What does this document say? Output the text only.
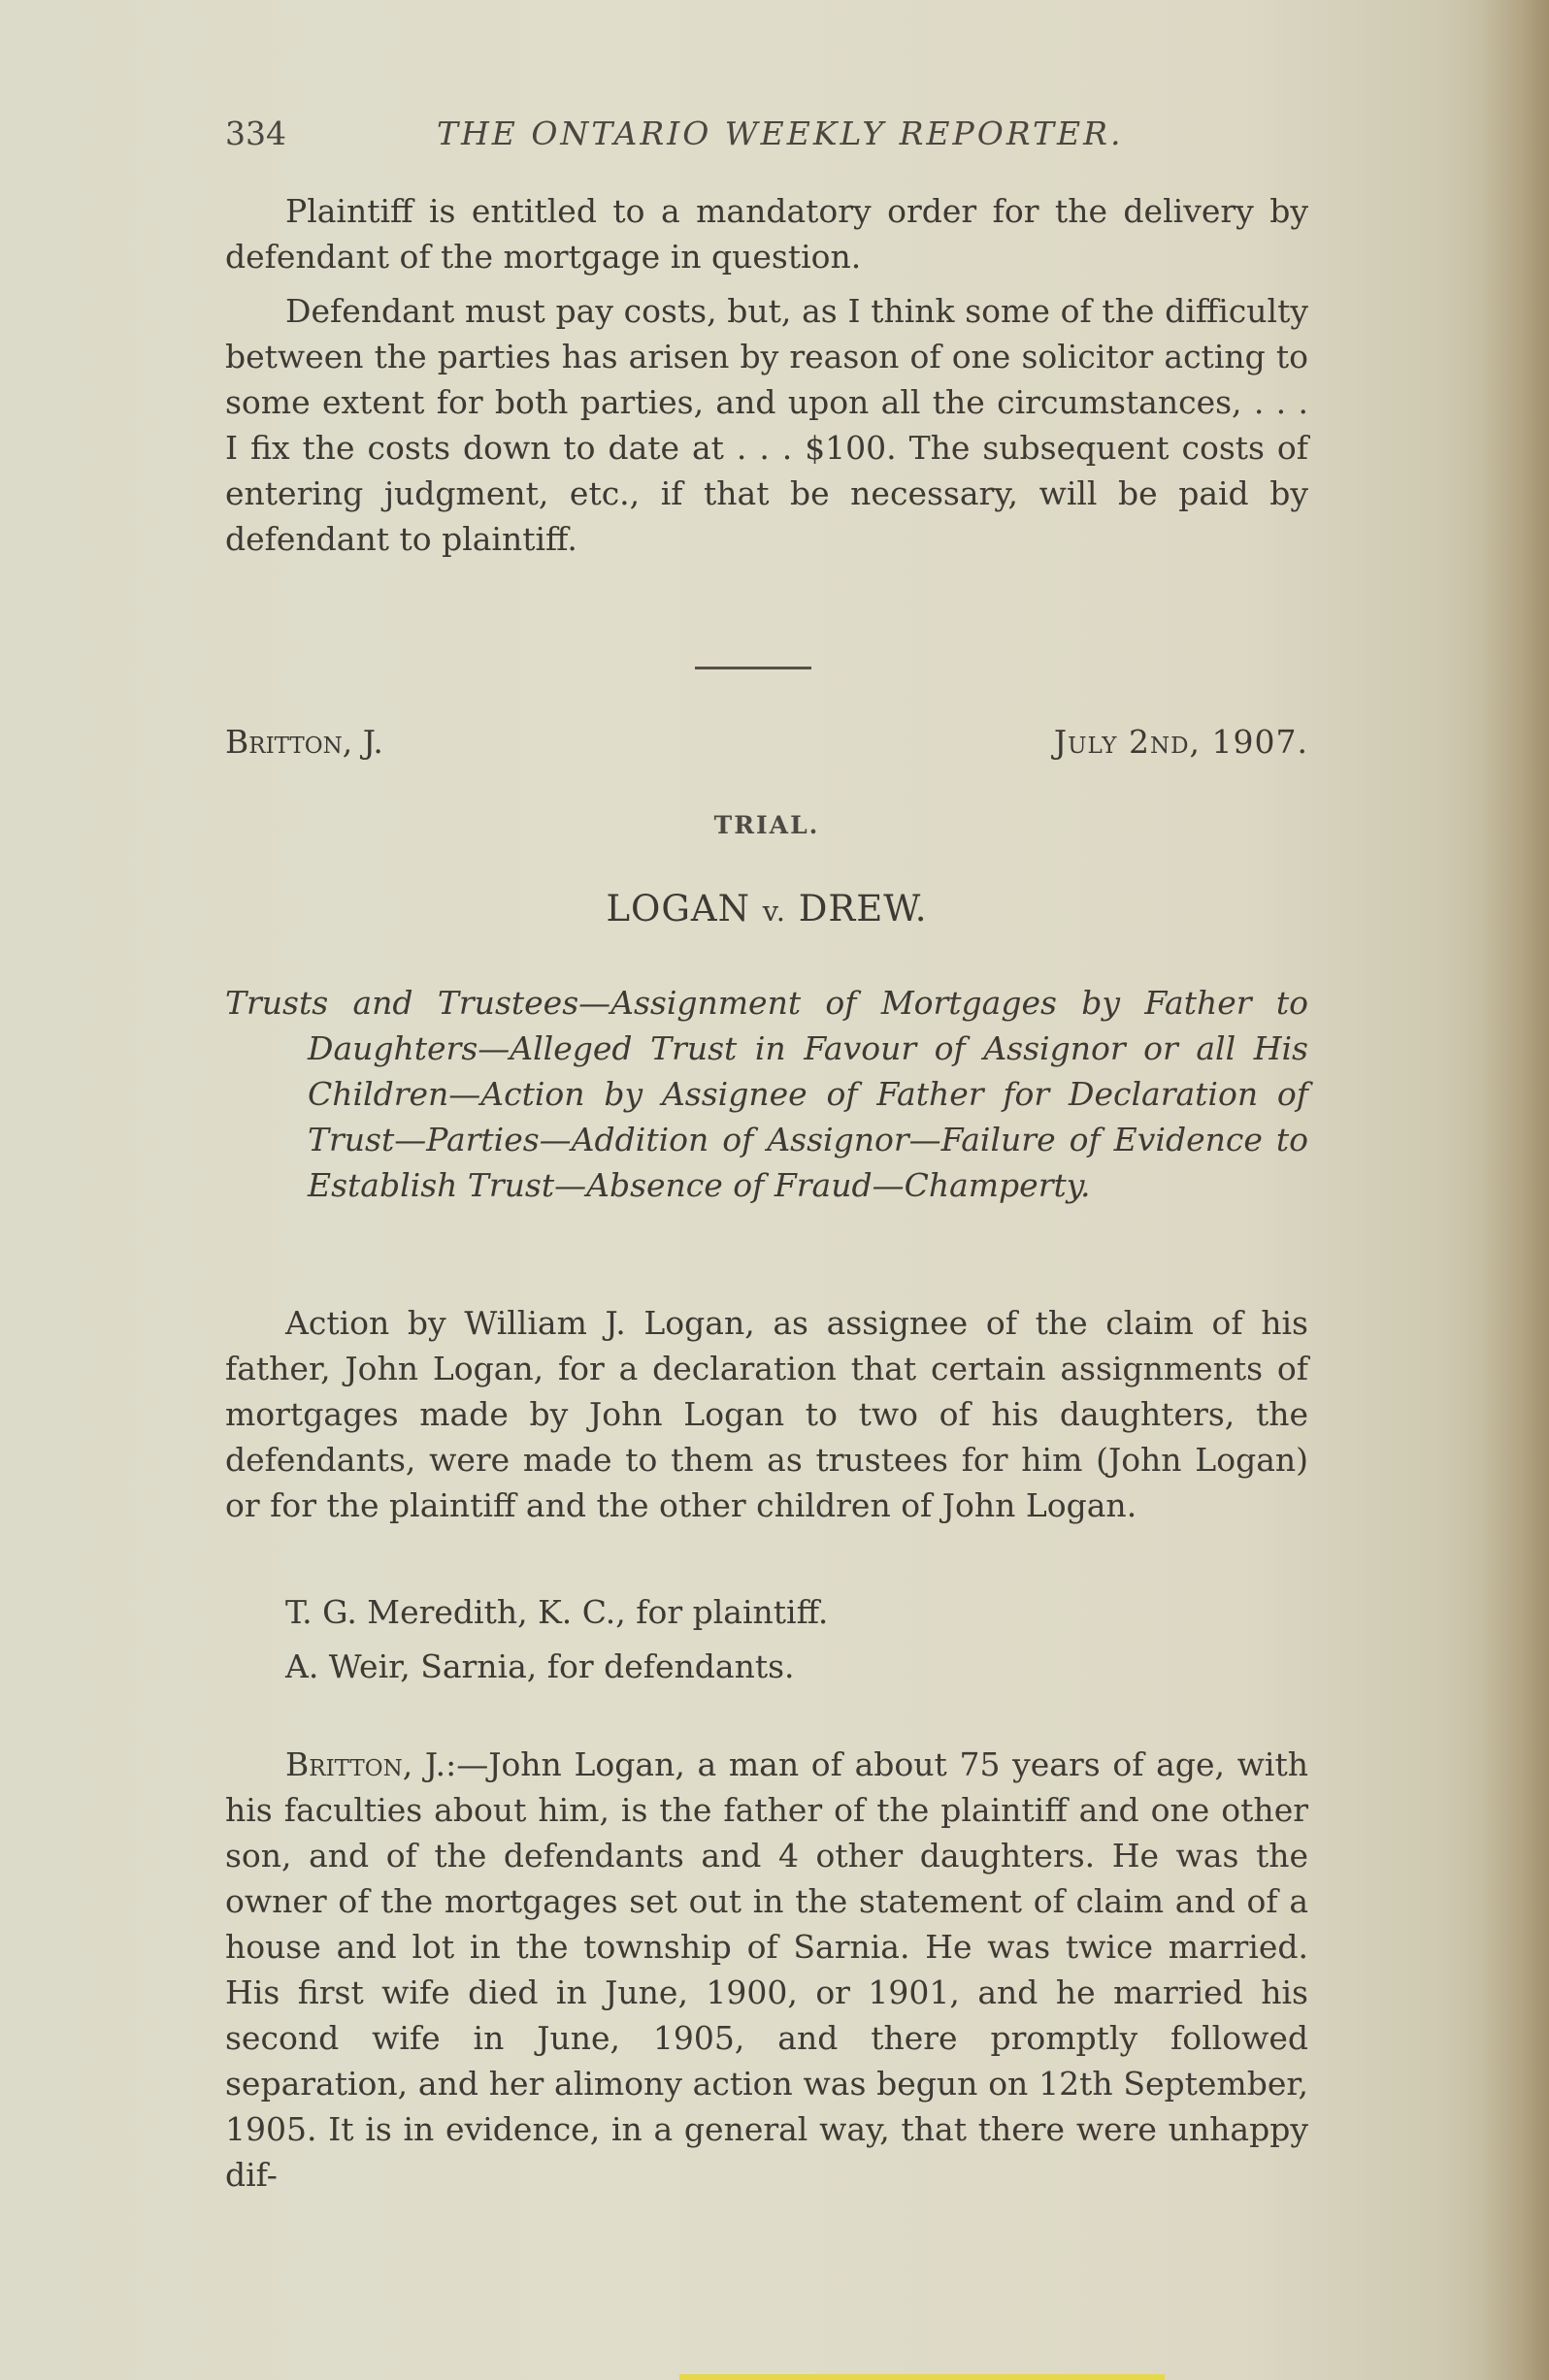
334	THE ONTARIO WEEKLY REPORTER.

Plaintiff is entitled to a mandatory order for the delivery by defendant of the mortgage in question.

Defendant must pay costs, but, as I think some of the difficulty between the parties has arisen by reason of one solicitor acting to some extent for both parties, and upon all the circumstances, . . . I fix the costs down to date at . . . $100. The subsequent costs of entering judgment, etc., if that be necessary, will be paid by defendant to plaintiff.

Britton, J.	July 2nd, 1907.
TRIAL.
LOGAN v. DREW.
Trusts and Trustees—Assignment of Mortgages by Father to Daughters—Alleged Trust in Favour of Assignor or all His Children—Action by Assignee of Father for Declaration of Trust—Parties—Addition of Assignor—Failure of Evidence to Establish Trust—Absence of Fraud—Champerty.

Action by William J. Logan, as assignee of the claim of his father, John Logan, for a declaration that certain assignments of mortgages made by John Logan to two of his daughters, the defendants, were made to them as trustees for him (John Logan) or for the plaintiff and the other children of John Logan.

T. G. Meredith, K. C., for plaintiff.
A. Weir, Sarnia, for defendants.

Britton, J.:—John Logan, a man of about 75 years of age, with his faculties about him, is the father of the plaintiff and one other son, and of the defendants and 4 other daughters. He was the owner of the mortgages set out in the statement of claim and of a house and lot in the township of Sarnia. He was twice married. His first wife died in June, 1900, or 1901, and he married his second wife in June, 1905, and there promptly followed separation, and her alimony action was begun on 12th September, 1905. It is in evidence, in a general way, that there were unhappy dif-
